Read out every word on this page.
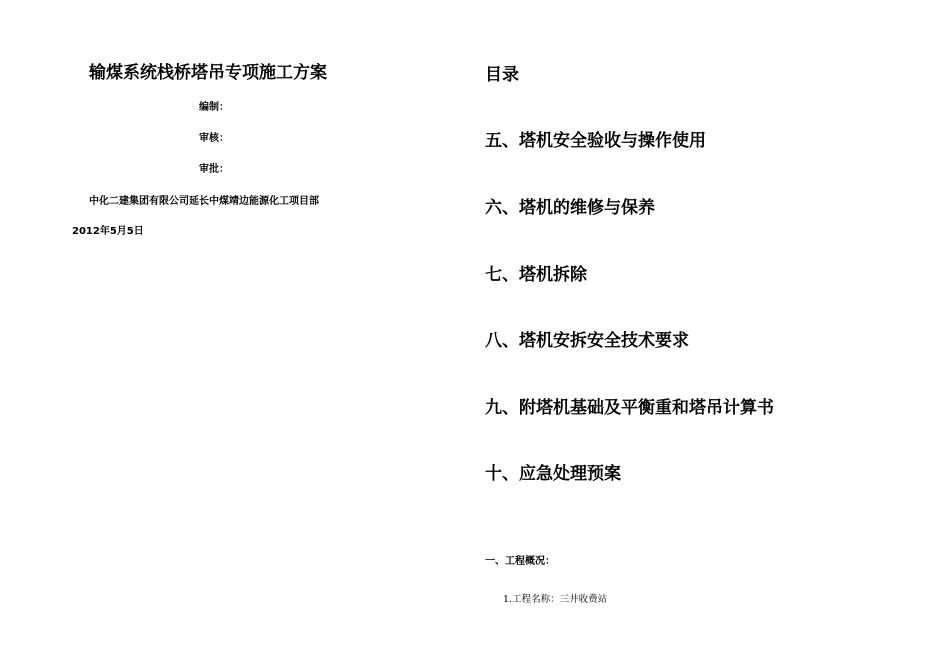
输煤系统栈桥塔吊专项施工方案
编制：
审核：
审批：
中化二建集团有限公司延长中煤靖边能源化工项目部
2012年5月5日
目录
五、塔机安全验收与操作使用
六、塔机的维修与保养
七、塔机拆除
八、塔机安拆安全技术要求
九、附塔机基础及平衡重和塔吊计算书
十、应急处理预案
一、工程概况：
1.工程名称：三井收费站
